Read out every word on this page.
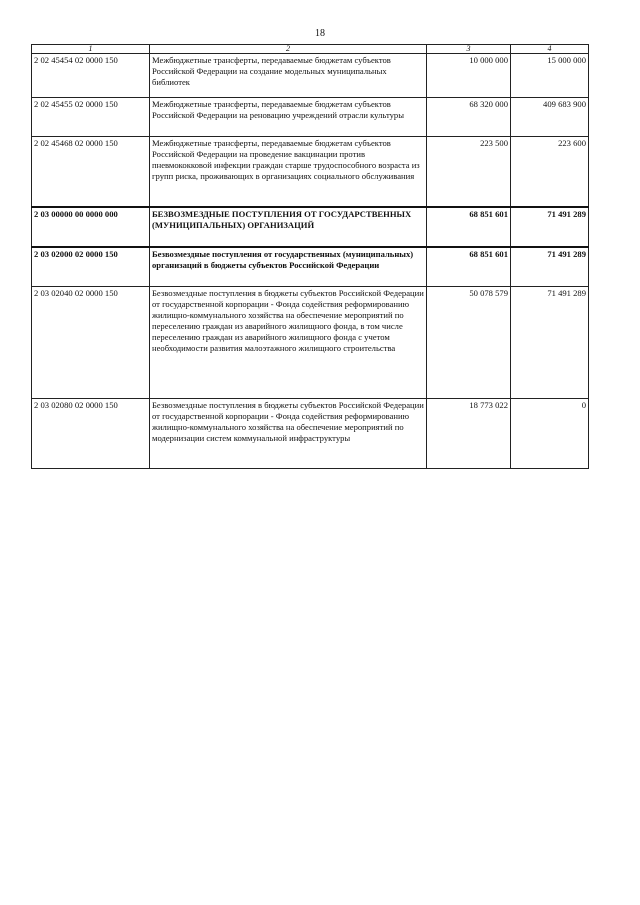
18
1	2	3	4
2 02 45454 02 0000 150	Межбюджетные трансферты, передаваемые бюджетам субъектов Российской Федерации на создание модельных муниципальных библиотек	10 000 000	15 000 000
2 02 45455 02 0000 150	Межбюджетные трансферты, передаваемые бюджетам субъектов Российской Федерации на реновацию учреждений отрасли культуры	68 320 000	409 683 900
2 02 45468 02 0000 150	Межбюджетные трансферты, передаваемые бюджетам субъектов Российской Федерации на проведение вакцинации против пневмококковой инфекции граждан старше трудоспособного возраста из групп риска, проживающих в организациях социального обслуживания	223 500	223 600
2 03 00000 00 0000 000	БЕЗВОЗМЕЗДНЫЕ ПОСТУПЛЕНИЯ ОТ ГОСУДАРСТВЕННЫХ (МУНИЦИПАЛЬНЫХ) ОРГАНИЗАЦИЙ	68 851 601	71 491 289
2 03 02000 02 0000 150	Безвозмездные поступления от государственных (муниципальных) организаций в бюджеты субъектов Российской Федерации	68 851 601	71 491 289
2 03 02040 02 0000 150	Безвозмездные поступления в бюджеты субъектов Российской Федерации от государственной корпорации - Фонда содействия реформированию жилищно-коммунального хозяйства на обеспечение мероприятий по переселению граждан из аварийного жилищного фонда, в том числе переселению граждан из аварийного жилищного фонда с учетом необходимости развития малоэтажного жилищного строительства	50 078 579	71 491 289
2 03 02080 02 0000 150	Безвозмездные поступления в бюджеты субъектов Российской Федерации от государственной корпорации - Фонда содействия реформированию жилищно-коммунального хозяйства на обеспечение мероприятий по модернизации систем коммунальной инфраструктуры	18 773 022	0
